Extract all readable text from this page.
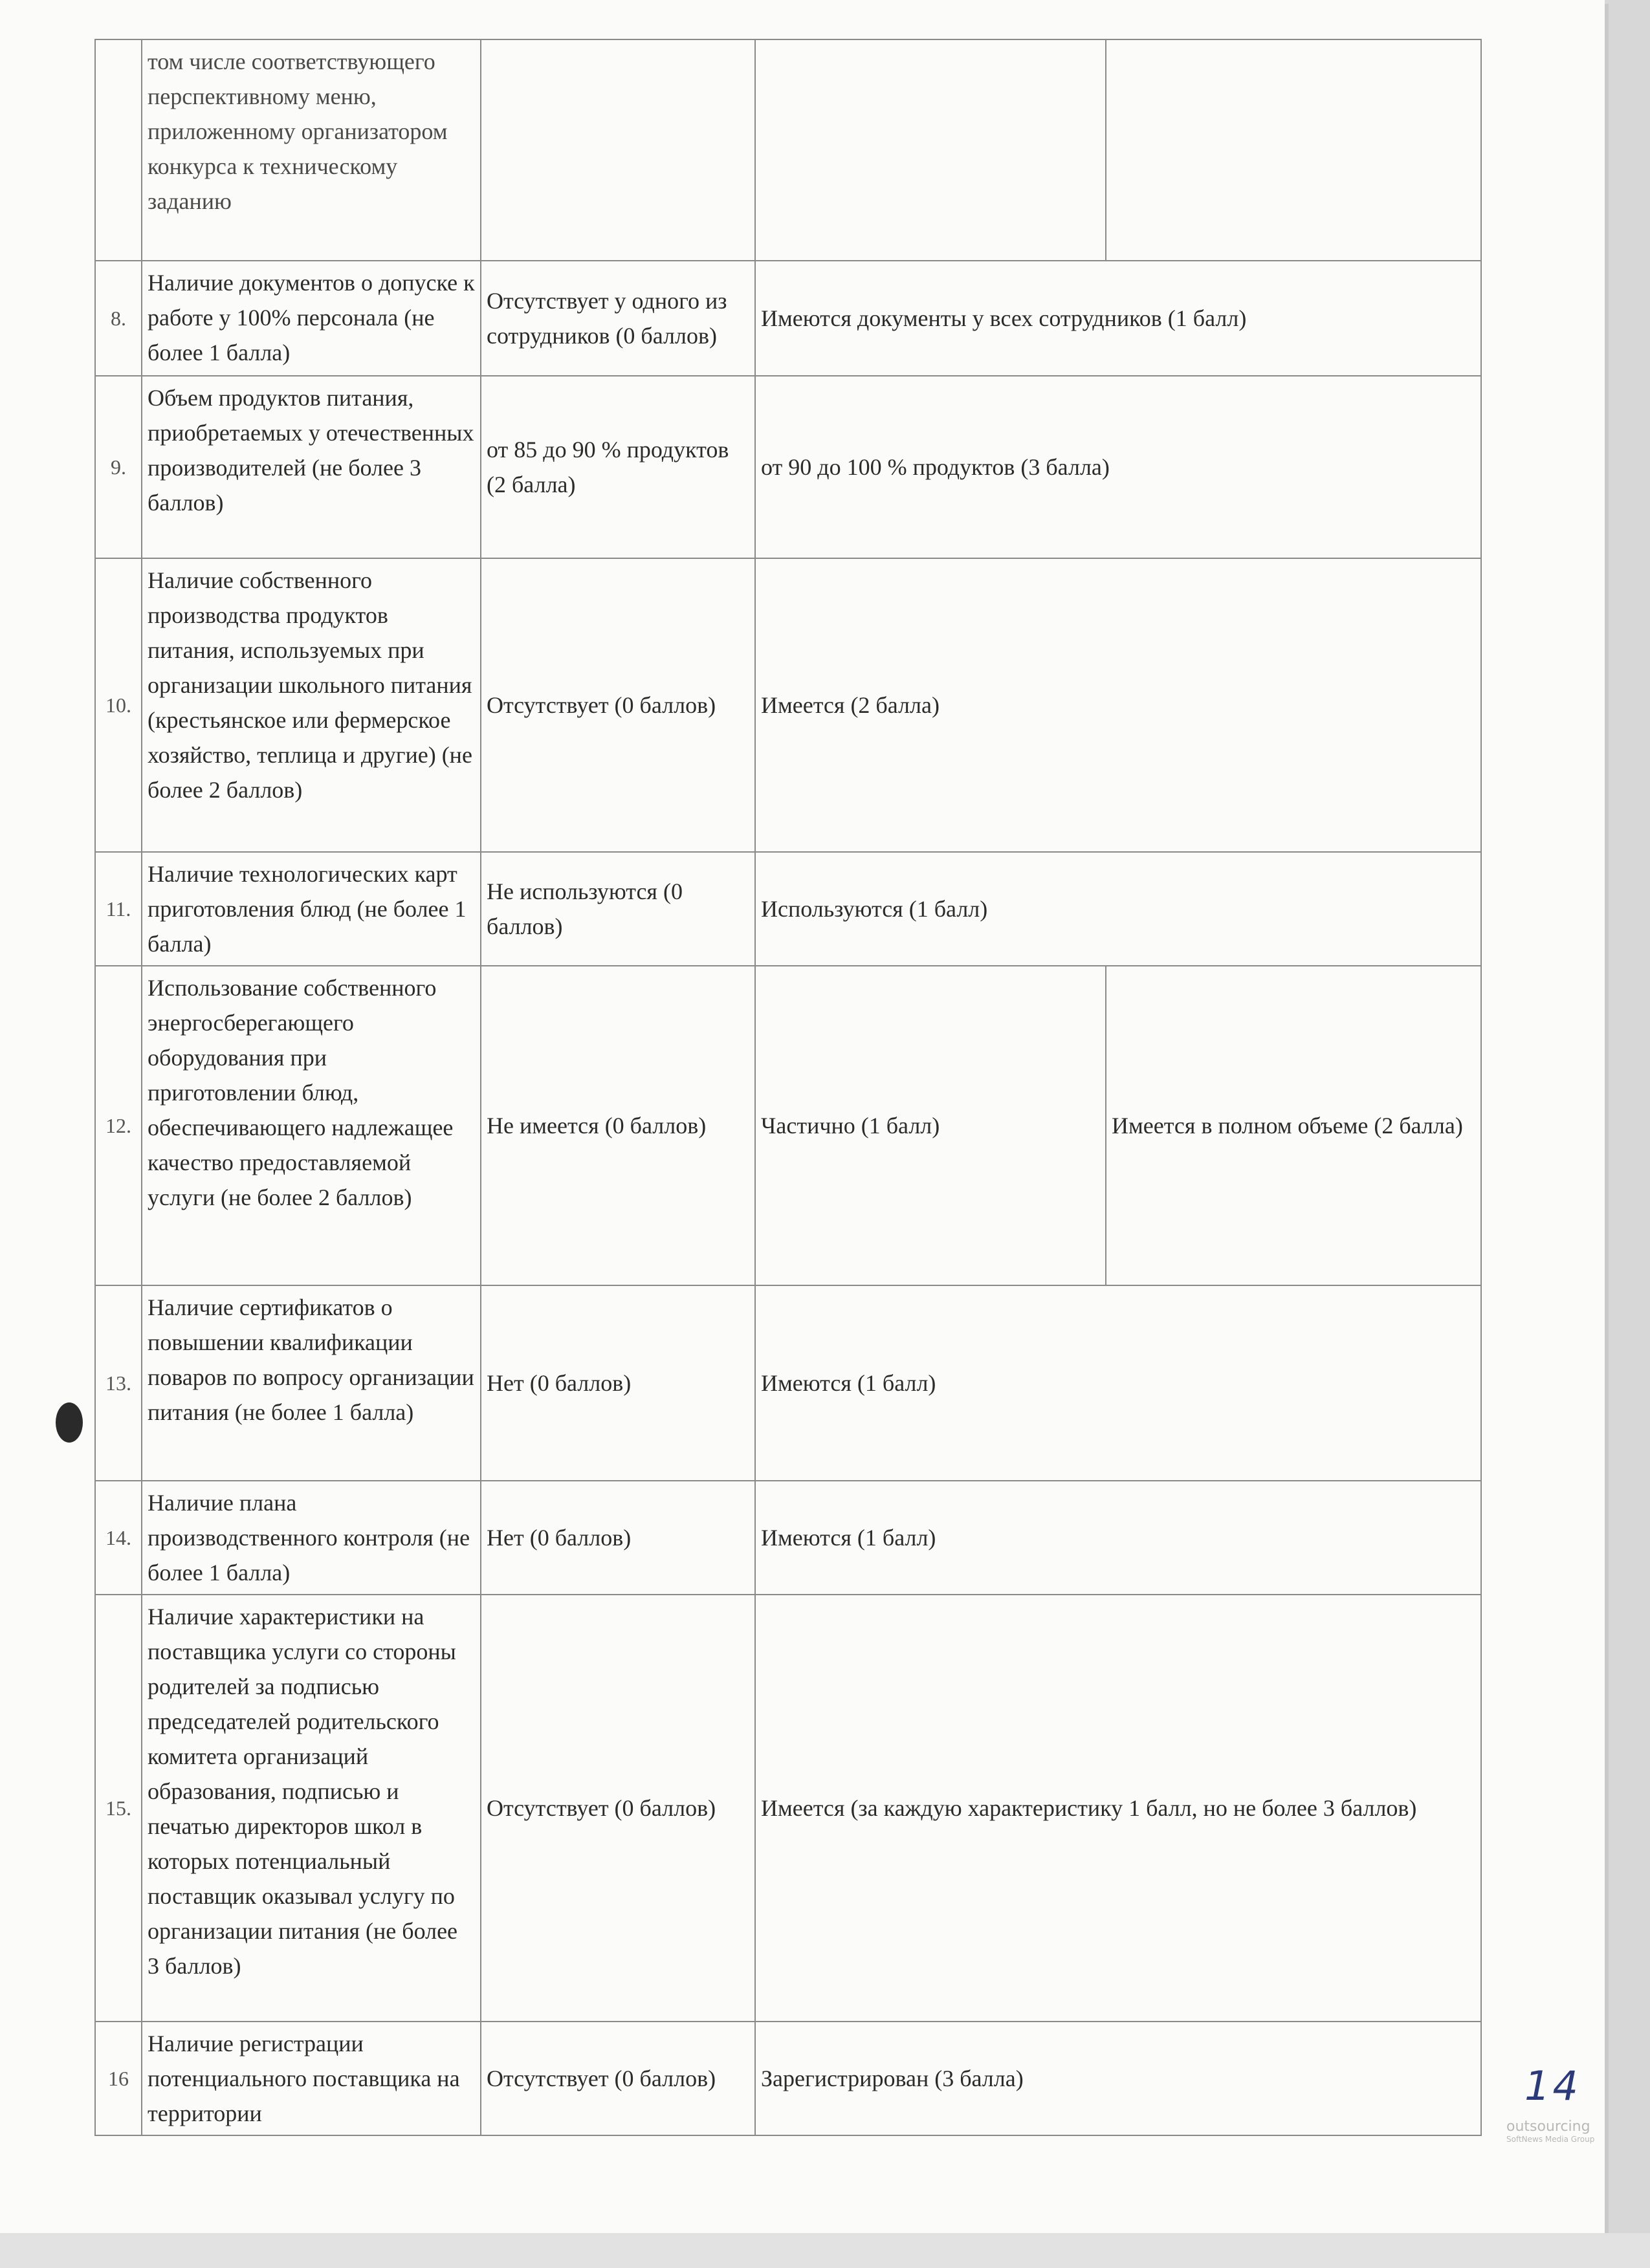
	том числе соответствующего перспективному меню, приложенному организатором конкурса к техническому заданию			
8.	Наличие документов о допуске к работе у 100% персонала (не более 1 балла)	Отсутствует у одного из сотрудников (0 баллов)	Имеются документы у всех сотрудников (1 балл)	
9.	Объем продуктов питания, приобретаемых у отечественных производителей (не более 3 баллов)	от 85 до 90 % продуктов (2 балла)	от 90 до 100 % продуктов (3 балла)	
10.	Наличие собственного производства продуктов питания, используемых при организации школьного питания (крестьянское или фермерское хозяйство, теплица и другие) (не более 2 баллов)	Отсутствует (0 баллов)	Имеется (2 балла)	
11.	Наличие технологических карт приготовления блюд (не более 1 балла)	Не используются (0 баллов)	Используются (1 балл)	
12.	Использование собственного энергосберегающего оборудования при приготовлении блюд, обеспечивающего надлежащее качество предоставляемой услуги (не более 2 баллов)	Не имеется (0 баллов)	Частично (1 балл)	Имеется в полном объеме (2 балла)
13.	Наличие сертификатов о повышении квалификации поваров по вопросу организации питания (не более 1 балла)	Нет (0 баллов)	Имеются (1 балл)	
14.	Наличие плана производственного контроля (не более 1 балла)	Нет (0 баллов)	Имеются (1 балл)	
15.	Наличие характеристики на поставщика услуги со стороны родителей за подписью председателей родительского комитета организаций образования, подписью и печатью директоров школ в которых потенциальный поставщик оказывал услугу по организации питания (не более 3 баллов)	Отсутствует (0 баллов)	Имеется (за каждую характеристику 1 балл, но не более 3 баллов)	
16	Наличие регистрации потенциального поставщика на территории	Отсутствует (0 баллов)	Зарегистрирован (3 балла)		14
outsourcing
SoftNews Media Group
